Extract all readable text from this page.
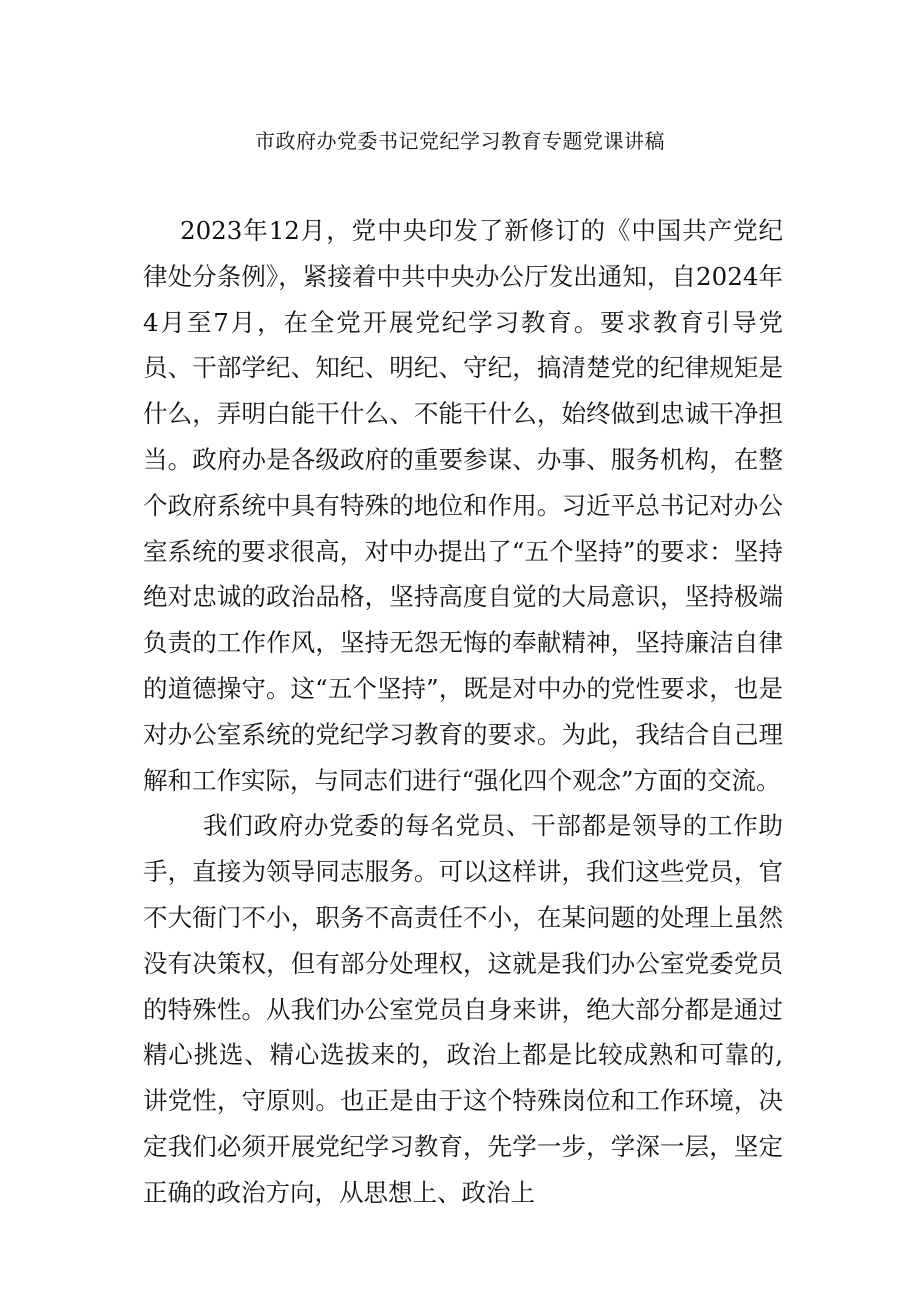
市政府办党委书记党纪学习教育专题党课讲稿

2023年12月，党中央印发了新修订的《中国共产党纪律处分条例》，紧接着中共中央办公厅发出通知，自2024年4月至7月，在全党开展党纪学习教育。要求教育引导党员、干部学纪、知纪、明纪、守纪，搞清楚党的纪律规矩是什么，弄明白能干什么、不能干什么，始终做到忠诚干净担当。政府办是各级政府的重要参谋、办事、服务机构，在整个政府系统中具有特殊的地位和作用。习近平总书记对办公室系统的要求很高，对中办提出了“五个坚持”的要求：坚持绝对忠诚的政治品格，坚持高度自觉的大局意识，坚持极端负责的工作作风，坚持无怨无悔的奉献精神，坚持廉洁自律的道德操守。这“五个坚持”，既是对中办的党性要求，也是对办公室系统的党纪学习教育的要求。为此，我结合自己理解和工作实际，与同志们进行“强化四个观念”方面的交流。

我们政府办党委的每名党员、干部都是领导的工作助手，直接为领导同志服务。可以这样讲，我们这些党员，官不大衙门不小，职务不高责任不小，在某问题的处理上虽然没有决策权，但有部分处理权，这就是我们办公室党委党员的特殊性。从我们办公室党员自身来讲，绝大部分都是通过精心挑选、精心选拔来的，政治上都是比较成熟和可靠的,讲党性，守原则。也正是由于这个特殊岗位和工作环境，决定我们必须开展党纪学习教育，先学一步，学深一层，坚定正确的政治方向，从思想上、政治上
